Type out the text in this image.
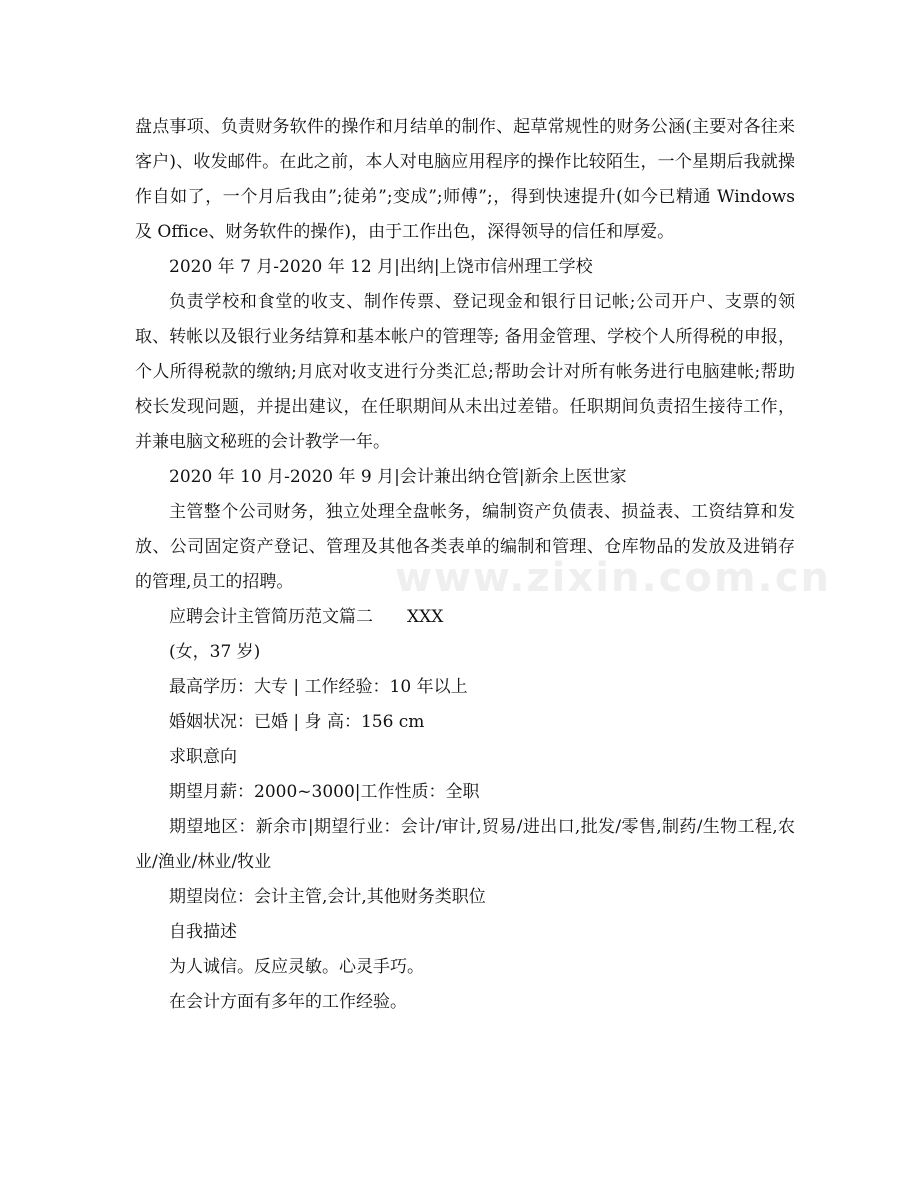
盘点事项、负责财务软件的操作和月结单的制作、起草常规性的财务公涵(主要对各往来客户)、收发邮件。在此之前，本人对电脑应用程序的操作比较陌生，一个星期后我就操作自如了，一个月后我由”;徒弟”;变成”;师傅”;，得到快速提升(如今已精通 Windows 及 Office、财务软件的操作)，由于工作出色，深得领导的信任和厚爱。

2020 年 7 月-2020 年 12 月|出纳|上饶市信州理工学校

负责学校和食堂的收支、制作传票、登记现金和银行日记帐;公司开户、支票的领取、转帐以及银行业务结算和基本帐户的管理等; 备用金管理、学校个人所得税的申报，个人所得税款的缴纳;月底对收支进行分类汇总;帮助会计对所有帐务进行电脑建帐;帮助校长发现问题，并提出建议，在任职期间从未出过差错。任职期间负责招生接待工作，并兼电脑文秘班的会计教学一年。

2020 年 10 月-2020 年 9 月|会计兼出纳仓管|新余上医世家

主管整个公司财务，独立处理全盘帐务，编制资产负债表、损益表、工资结算和发放、公司固定资产登记、管理及其他各类表单的编制和管理、仓库物品的发放及进销存的管理,员工的招聘。

应聘会计主管简历范文篇二　　XXX

(女，37 岁)

最高学历：大专 | 工作经验：10 年以上

婚姻状况：已婚 | 身 高：156 cm

求职意向

期望月薪：2000~3000|工作性质：全职

期望地区：新余市|期望行业：会计/审计,贸易/进出口,批发/零售,制药/生物工程,农业/渔业/林业/牧业

期望岗位：会计主管,会计,其他财务类职位

自我描述

为人诚信。反应灵敏。心灵手巧。

在会计方面有多年的工作经验。

www.zixin.com.cn
